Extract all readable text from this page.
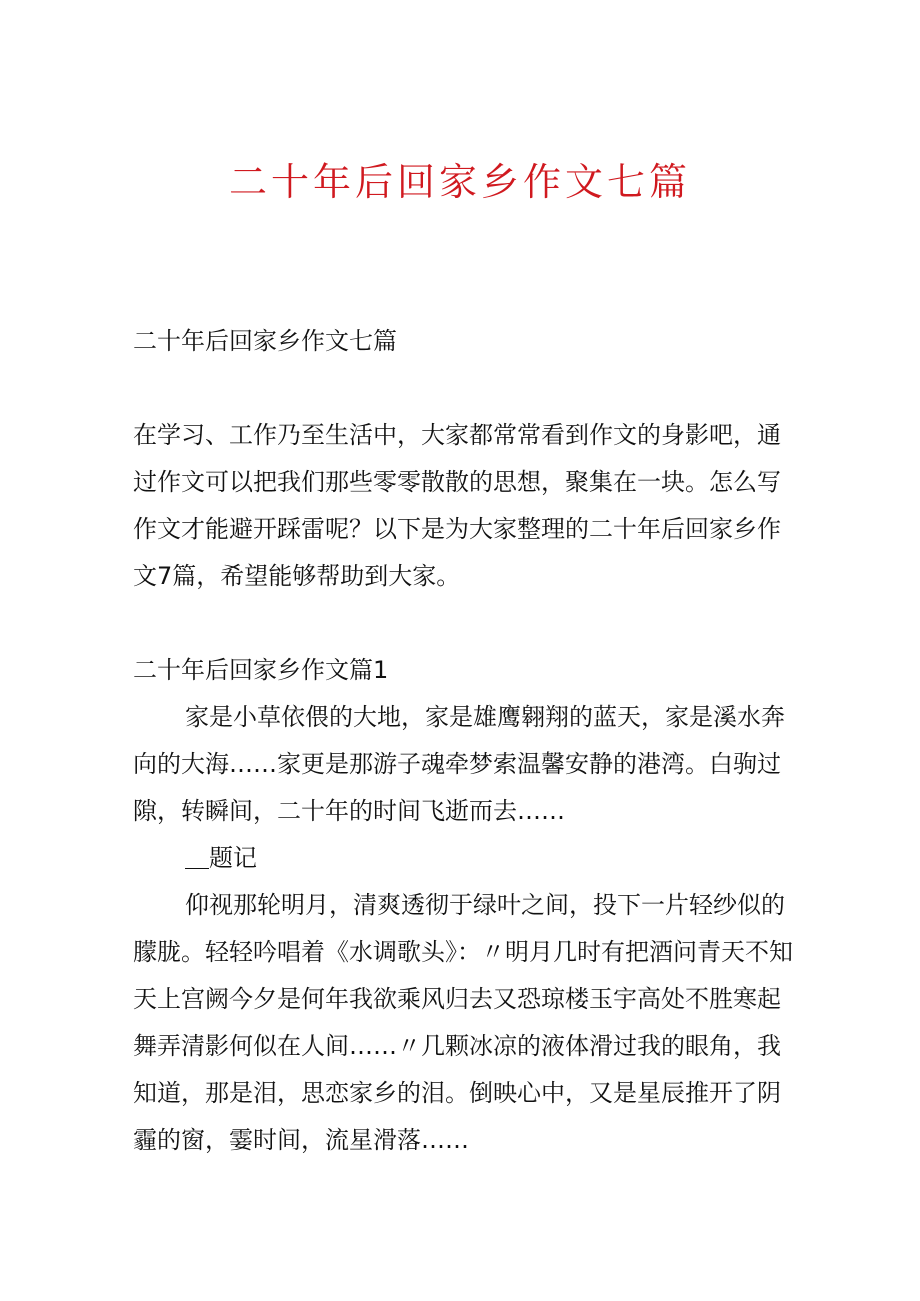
二十年后回家乡作文七篇

二十年后回家乡作文七篇

在学习、工作乃至生活中，大家都常常看到作文的身影吧，通过作文可以把我们那些零零散散的思想，聚集在一块。怎么写作文才能避开踩雷呢？以下是为大家整理的二十年后回家乡作文7篇，希望能够帮助到大家。

二十年后回家乡作文篇1

家是小草依偎的大地，家是雄鹰翱翔的蓝天，家是溪水奔向的大海……家更是那游子魂牵梦索温馨安静的港湾。白驹过隙，转瞬间，二十年的时间飞逝而去……

＿题记

仰视那轮明月，清爽透彻于绿叶之间，投下一片轻纱似的朦胧。轻轻吟唱着《水调歌头》：〃明月几时有把酒问青天不知天上宫阙今夕是何年我欲乘风归去又恐琼楼玉宇高处不胜寒起舞弄清影何似在人间……〃几颗冰凉的液体滑过我的眼角，我知道，那是泪，思恋家乡的泪。倒映心中，又是星辰推开了阴霾的窗，霎时间，流星滑落……
